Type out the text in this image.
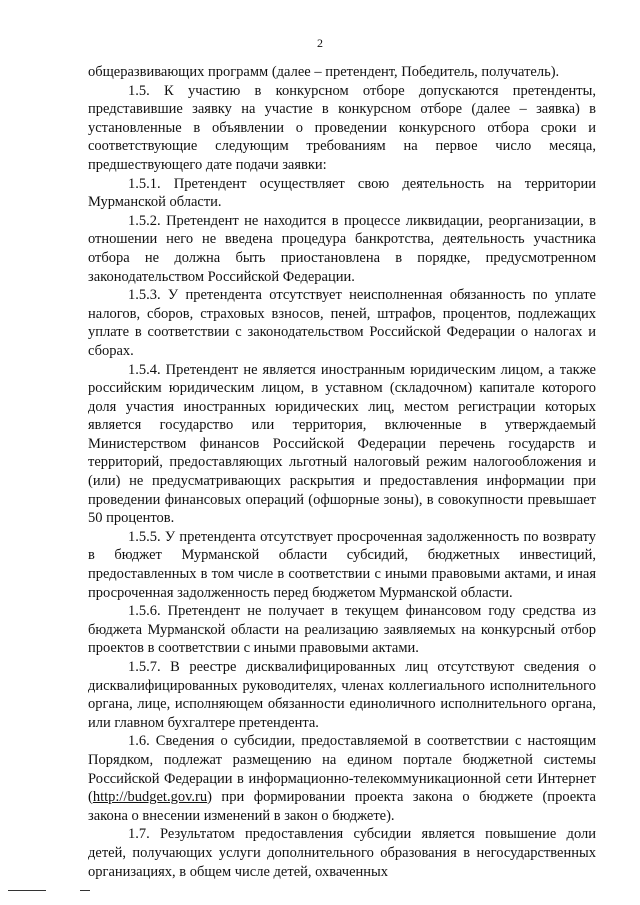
2

общеразвивающих программ (далее – претендент, Победитель, получатель).

1.5. К участию в конкурсном отборе допускаются претенденты, представившие заявку на участие в конкурсном отборе (далее – заявка) в установленные в объявлении о проведении конкурсного отбора сроки и соответствующие следующим требованиям на первое число месяца, предшествующего дате подачи заявки:

1.5.1. Претендент осуществляет свою деятельность на территории Мурманской области.

1.5.2. Претендент не находится в процессе ликвидации, реорганизации, в отношении него не введена процедура банкротства, деятельность участника отбора не должна быть приостановлена в порядке, предусмотренном законодательством Российской Федерации.

1.5.3. У претендента отсутствует неисполненная обязанность по уплате налогов, сборов, страховых взносов, пеней, штрафов, процентов, подлежащих уплате в соответствии с законодательством Российской Федерации о налогах и сборах.

1.5.4. Претендент не является иностранным юридическим лицом, а также российским юридическим лицом, в уставном (складочном) капитале которого доля участия иностранных юридических лиц, местом регистрации которых является государство или территория, включенные в утверждаемый Министерством финансов Российской Федерации перечень государств и территорий, предоставляющих льготный налоговый режим налогообложения и (или) не предусматривающих раскрытия и предоставления информации при проведении финансовых операций (офшорные зоны), в совокупности превышает 50 процентов.

1.5.5. У претендента отсутствует просроченная задолженность по возврату в бюджет Мурманской области субсидий, бюджетных инвестиций, предоставленных в том числе в соответствии с иными правовыми актами, и иная просроченная задолженность перед бюджетом Мурманской области.

1.5.6. Претендент не получает в текущем финансовом году средства из бюджета Мурманской области на реализацию заявляемых на конкурсный отбор проектов в соответствии с иными правовыми актами.

1.5.7. В реестре дисквалифицированных лиц отсутствуют сведения о дисквалифицированных руководителях, членах коллегиального исполнительного органа, лице, исполняющем обязанности единоличного исполнительного органа, или главном бухгалтере претендента.

1.6. Сведения о субсидии, предоставляемой в соответствии с настоящим Порядком, подлежат размещению на едином портале бюджетной системы Российской Федерации в информационно-телекоммуникационной сети Интернет (http://budget.gov.ru) при формировании проекта закона о бюджете (проекта закона о внесении изменений в закон о бюджете).

1.7. Результатом предоставления субсидии является повышение доли детей, получающих услуги дополнительного образования в негосударственных организациях, в общем числе детей, охваченных
